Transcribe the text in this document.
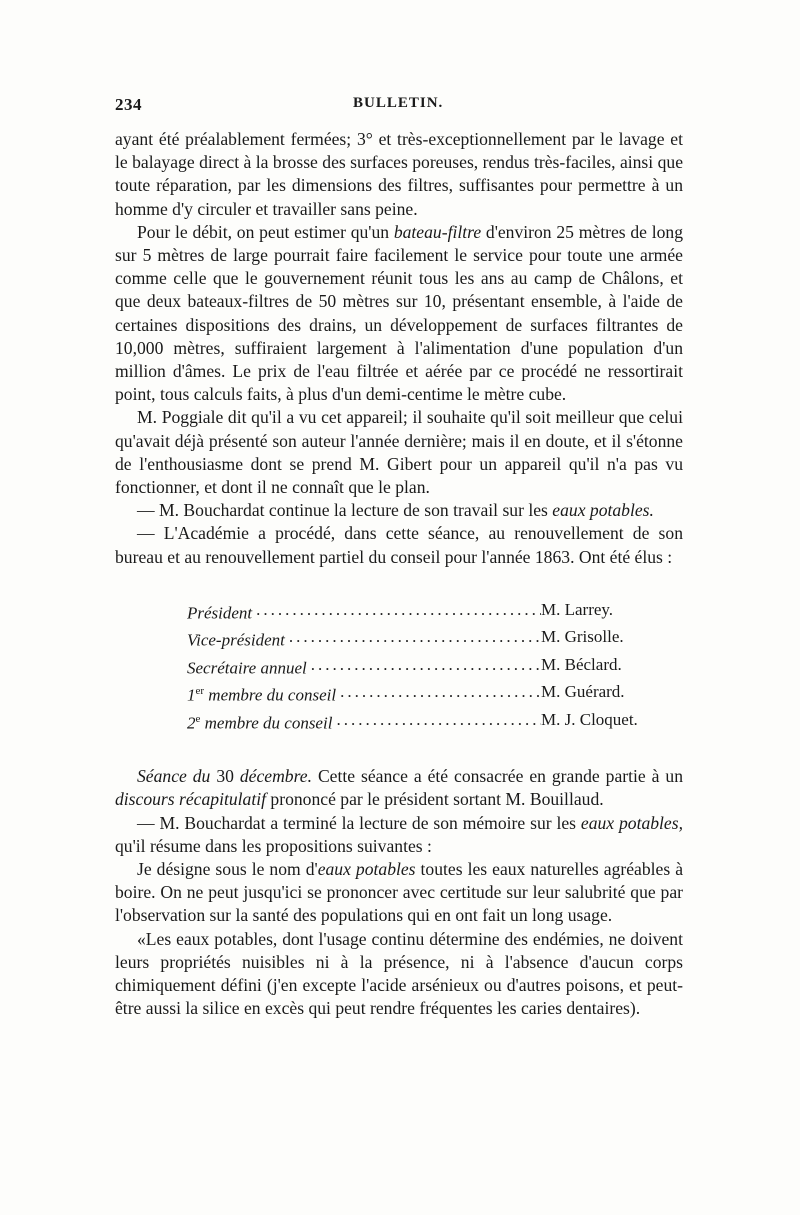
234	BULLETIN.

ayant été préalablement fermées; 3° et très-exceptionnellement par le lavage et le balayage direct à la brosse des surfaces poreuses, rendus très-faciles, ainsi que toute réparation, par les dimensions des filtres, suffisantes pour permettre à un homme d'y circuler et travailler sans peine.

Pour le débit, on peut estimer qu'un bateau-filtre d'environ 25 mètres de long sur 5 mètres de large pourrait faire facilement le service pour toute une armée comme celle que le gouvernement réunit tous les ans au camp de Châlons, et que deux bateaux-filtres de 50 mètres sur 10, présentant ensemble, à l'aide de certaines dispositions des drains, un développement de surfaces filtrantes de 10,000 mètres, suffiraient largement à l'alimentation d'une population d'un million d'âmes. Le prix de l'eau filtrée et aérée par ce procédé ne ressortirait point, tous calculs faits, à plus d'un demi-centime le mètre cube.

M. Poggiale dit qu'il a vu cet appareil; il souhaite qu'il soit meilleur que celui qu'avait déjà présenté son auteur l'année dernière; mais il en doute, et il s'étonne de l'enthousiasme dont se prend M. Gibert pour un appareil qu'il n'a pas vu fonctionner, et dont il ne connaît que le plan.

— M. Bouchardat continue la lecture de son travail sur les eaux potables.

— L'Académie a procédé, dans cette séance, au renouvellement de son bureau et au renouvellement partiel du conseil pour l'année 1863. Ont été élus :

Président .....	M. Larrey.
Vice-président .....	M. Grisolle.
Secrétaire annuel .....	M. Béclard.
1er membre du conseil .....	M. Guérard.
2e membre du conseil .....	M. J. Cloquet.

Séance du 30 décembre. Cette séance a été consacrée en grande partie à un discours récapitulatif prononcé par le président sortant M. Bouillaud.

— M. Bouchardat a terminé la lecture de son mémoire sur les eaux potables, qu'il résume dans les propositions suivantes :

Je désigne sous le nom d'eaux potables toutes les eaux naturelles agréables à boire. On ne peut jusqu'ici se prononcer avec certitude sur leur salubrité que par l'observation sur la santé des populations qui en ont fait un long usage.

«Les eaux potables, dont l'usage continu détermine des endémies, ne doivent leurs propriétés nuisibles ni à la présence, ni à l'absence d'aucun corps chimiquement défini (j'en excepte l'acide arsénieux ou d'autres poisons, et peut-être aussi la silice en excès qui peut rendre fréquentes les caries dentaires).
